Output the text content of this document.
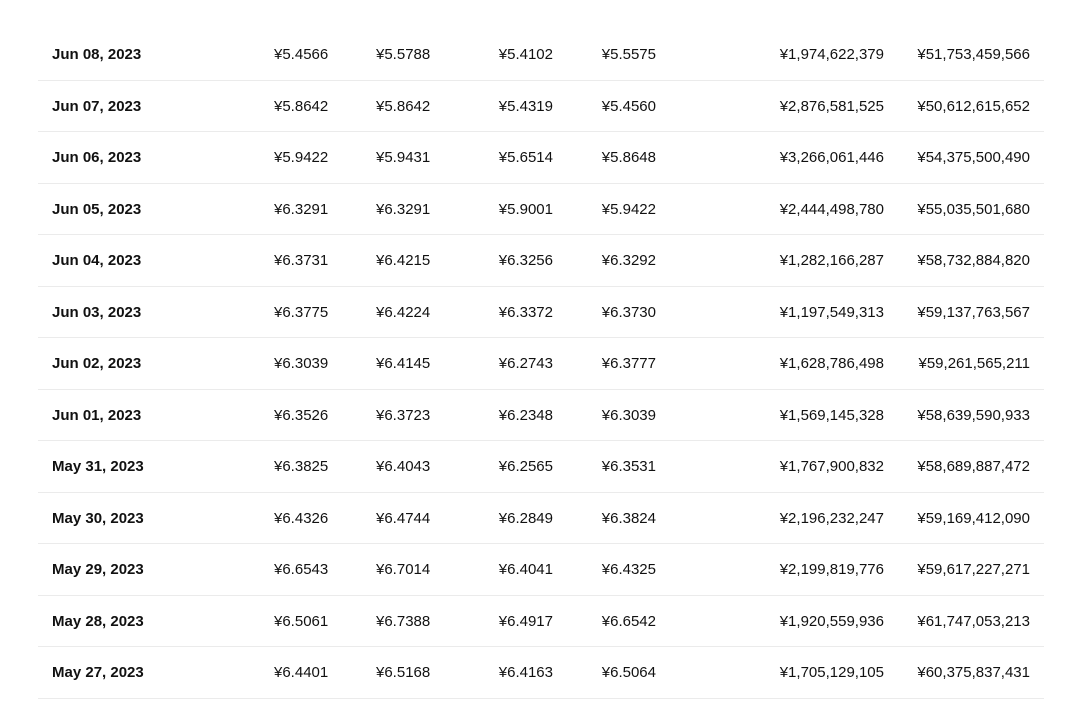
Jun 08, 2023	¥5.4566	¥5.5788	¥5.4102	¥5.5575	¥1,974,622,379 ¥51,753,459,566
Jun 07, 2023	¥5.8642	¥5.8642	¥5.4319	¥5.4560	¥2,876,581,525 ¥50,612,615,652
Jun 06, 2023	¥5.9422	¥5.9431	¥5.6514	¥5.8648	¥3,266,061,446 ¥54,375,500,490
Jun 05, 2023	¥6.3291	¥6.3291	¥5.9001	¥5.9422	¥2,444,498,780 ¥55,035,501,680
Jun 04, 2023	¥6.3731	¥6.4215	¥6.3256	¥6.3292	¥1,282,166,287 ¥58,732,884,820
Jun 03, 2023	¥6.3775	¥6.4224	¥6.3372	¥6.3730	¥1,197,549,313 ¥59,137,763,567
Jun 02, 2023	¥6.3039	¥6.4145	¥6.2743	¥6.3777	¥1,628,786,498 ¥59,261,565,211
Jun 01, 2023	¥6.3526	¥6.3723	¥6.2348	¥6.3039	¥1,569,145,328 ¥58,639,590,933
May 31, 2023	¥6.3825	¥6.4043	¥6.2565	¥6.3531	¥1,767,900,832 ¥58,689,887,472
May 30, 2023	¥6.4326	¥6.4744	¥6.2849	¥6.3824	¥2,196,232,247 ¥59,169,412,090
May 29, 2023	¥6.6543	¥6.7014	¥6.4041	¥6.4325	¥2,199,819,776 ¥59,617,227,271
May 28, 2023	¥6.5061	¥6.7388	¥6.4917	¥6.6542	¥1,920,559,936 ¥61,747,053,213
May 27, 2023	¥6.4401	¥6.5168	¥6.4163	¥6.5064	¥1,705,129,105 ¥60,375,837,431
